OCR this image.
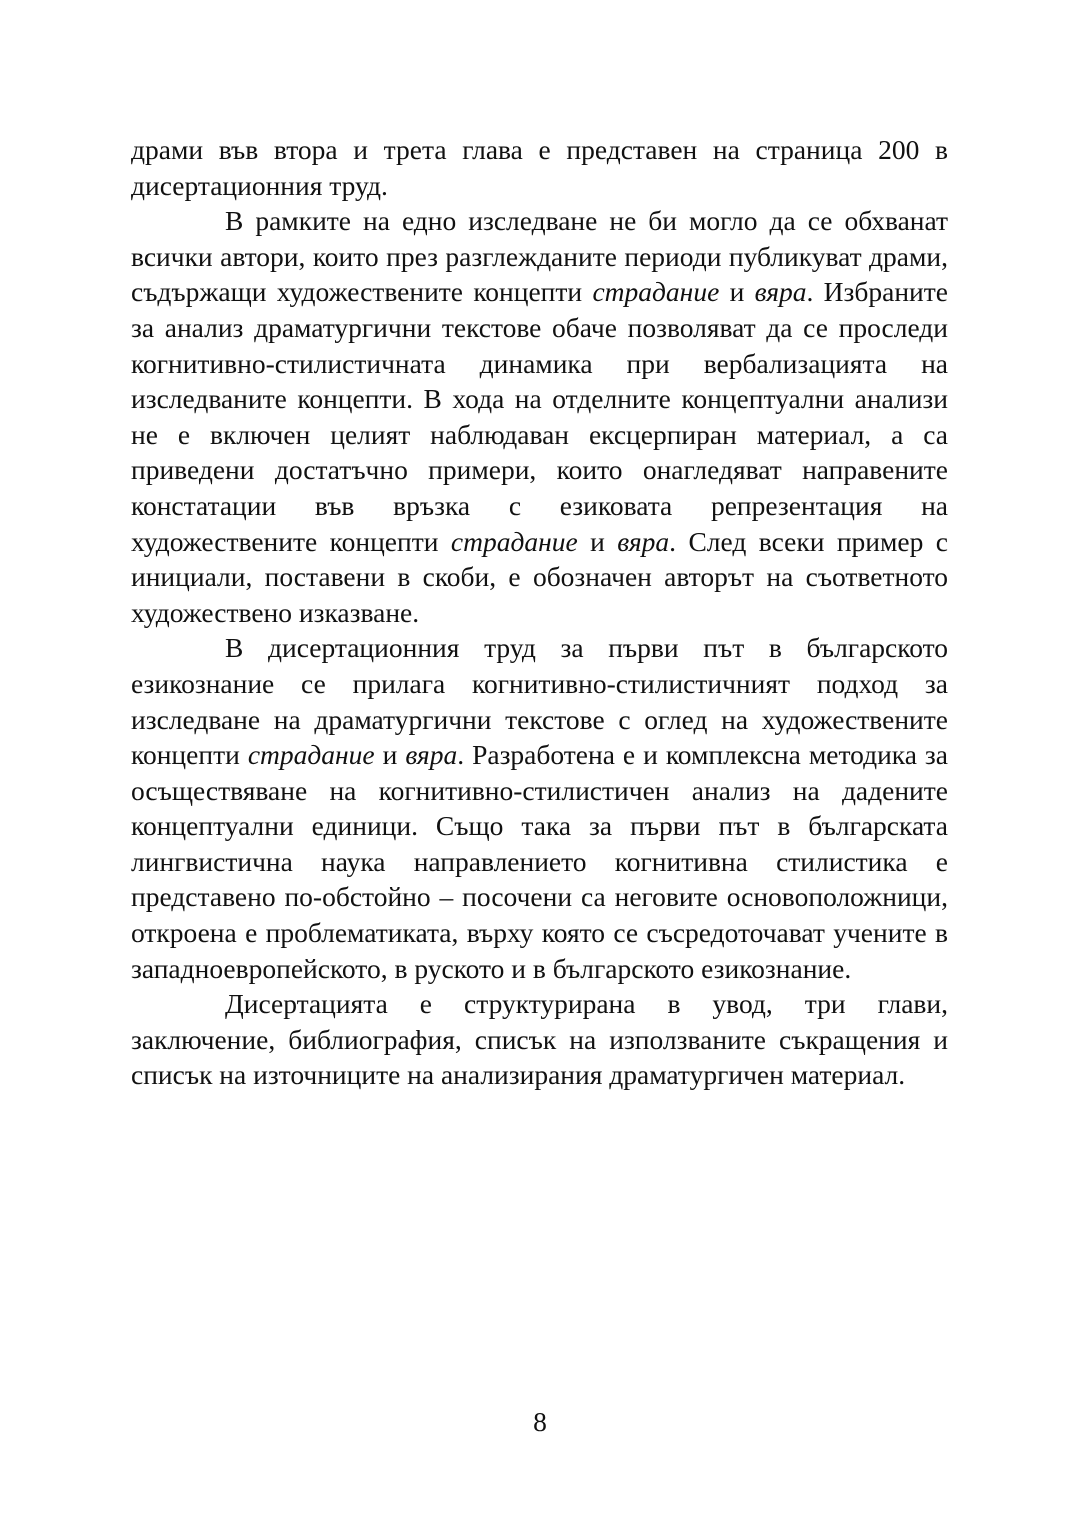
драми във втора и трета глава е представен на страница 200 в дисертационния труд.

В рамките на едно изследване не би могло да се обхванат всички автори, които през разглежданите периоди публикуват драми, съдържащи художествените концепти страдание и вяра. Избраните за анализ драматургични текстове обаче позволяват да се проследи когнитивно-стилистичната динамика при вербализацията на изследваните концепти. В хода на отделните концептуални анализи не е включен целият наблюдаван ексцерпиран материал, а са приведени достатъчно примери, които онагледяват направените констатации във връзка с езиковата репрезентация на художествените концепти страдание и вяра. След всеки пример с инициали, поставени в скоби, е обозначен авторът на съответното художествено изказване.

В дисертационния труд за първи път в българското езикознание се прилага когнитивно-стилистичният подход за изследване на драматургични текстове с оглед на художествените концепти страдание и вяра. Разработена е и комплексна методика за осъществяване на когнитивно-стилистичен анализ на дадените концептуални единици. Също така за първи път в българската лингвистична наука направлението когнитивна стилистика е представено по-обстойно – посочени са неговите основоположници, откроена е проблематиката, върху която се съсредоточават учените в западноевропейското, в руското и в българското езикознание.

Дисертацията е структурирана в увод, три глави, заключение, библиография, списък на използваните съкращения и списък на източниците на анализирания драматургичен материал.

8
